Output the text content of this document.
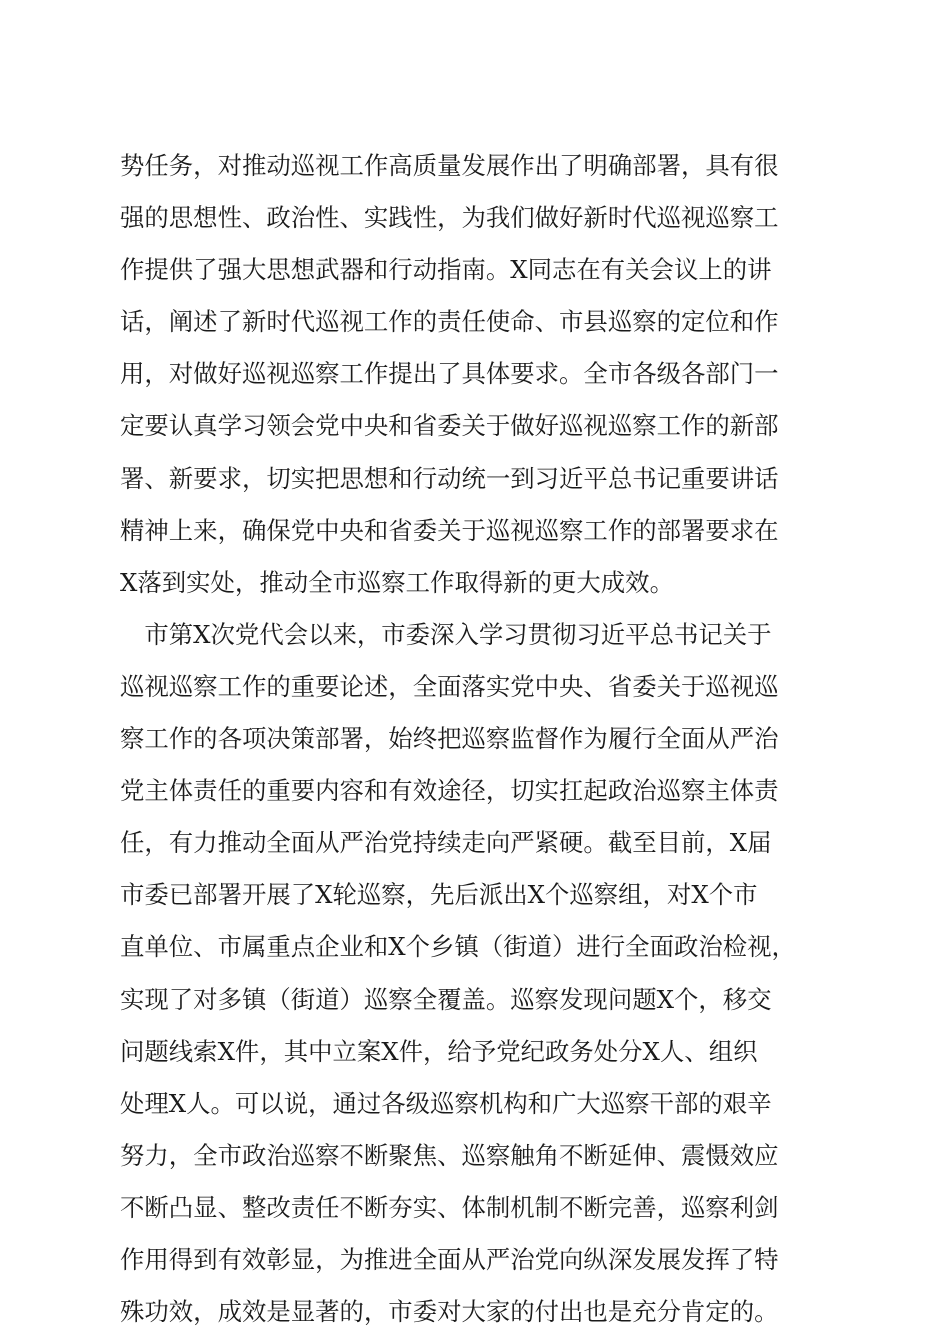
势任务，对推动巡视工作高质量发展作出了明确部署，具有很
强的思想性、政治性、实践性，为我们做好新时代巡视巡察工
作提供了强大思想武器和行动指南。X同志在有关会议上的讲
话，阐述了新时代巡视工作的责任使命、市县巡察的定位和作
用，对做好巡视巡察工作提出了具体要求。全市各级各部门一
定要认真学习领会党中央和省委关于做好巡视巡察工作的新部
署、新要求，切实把思想和行动统一到习近平总书记重要讲话
精神上来，确保党中央和省委关于巡视巡察工作的部署要求在
X落到实处，推动全市巡察工作取得新的更大成效。
　市第X次党代会以来，市委深入学习贯彻习近平总书记关于
巡视巡察工作的重要论述，全面落实党中央、省委关于巡视巡
察工作的各项决策部署，始终把巡察监督作为履行全面从严治
党主体责任的重要内容和有效途径，切实扛起政治巡察主体责
任，有力推动全面从严治党持续走向严紧硬。截至目前，X届
市委已部署开展了X轮巡察，先后派出X个巡察组，对X个市
直单位、市属重点企业和X个乡镇（街道）进行全面政治检视，
实现了对多镇（街道）巡察全覆盖。巡察发现问题X个，移交
问题线索X件，其中立案X件，给予党纪政务处分X人、组织
处理X人。可以说，通过各级巡察机构和广大巡察干部的艰辛
努力，全市政治巡察不断聚焦、巡察触角不断延伸、震慑效应
不断凸显、整改责任不断夯实、体制机制不断完善，巡察利剑
作用得到有效彰显，为推进全面从严治党向纵深发展发挥了特
殊功效，成效是显著的，市委对大家的付出也是充分肯定的。
